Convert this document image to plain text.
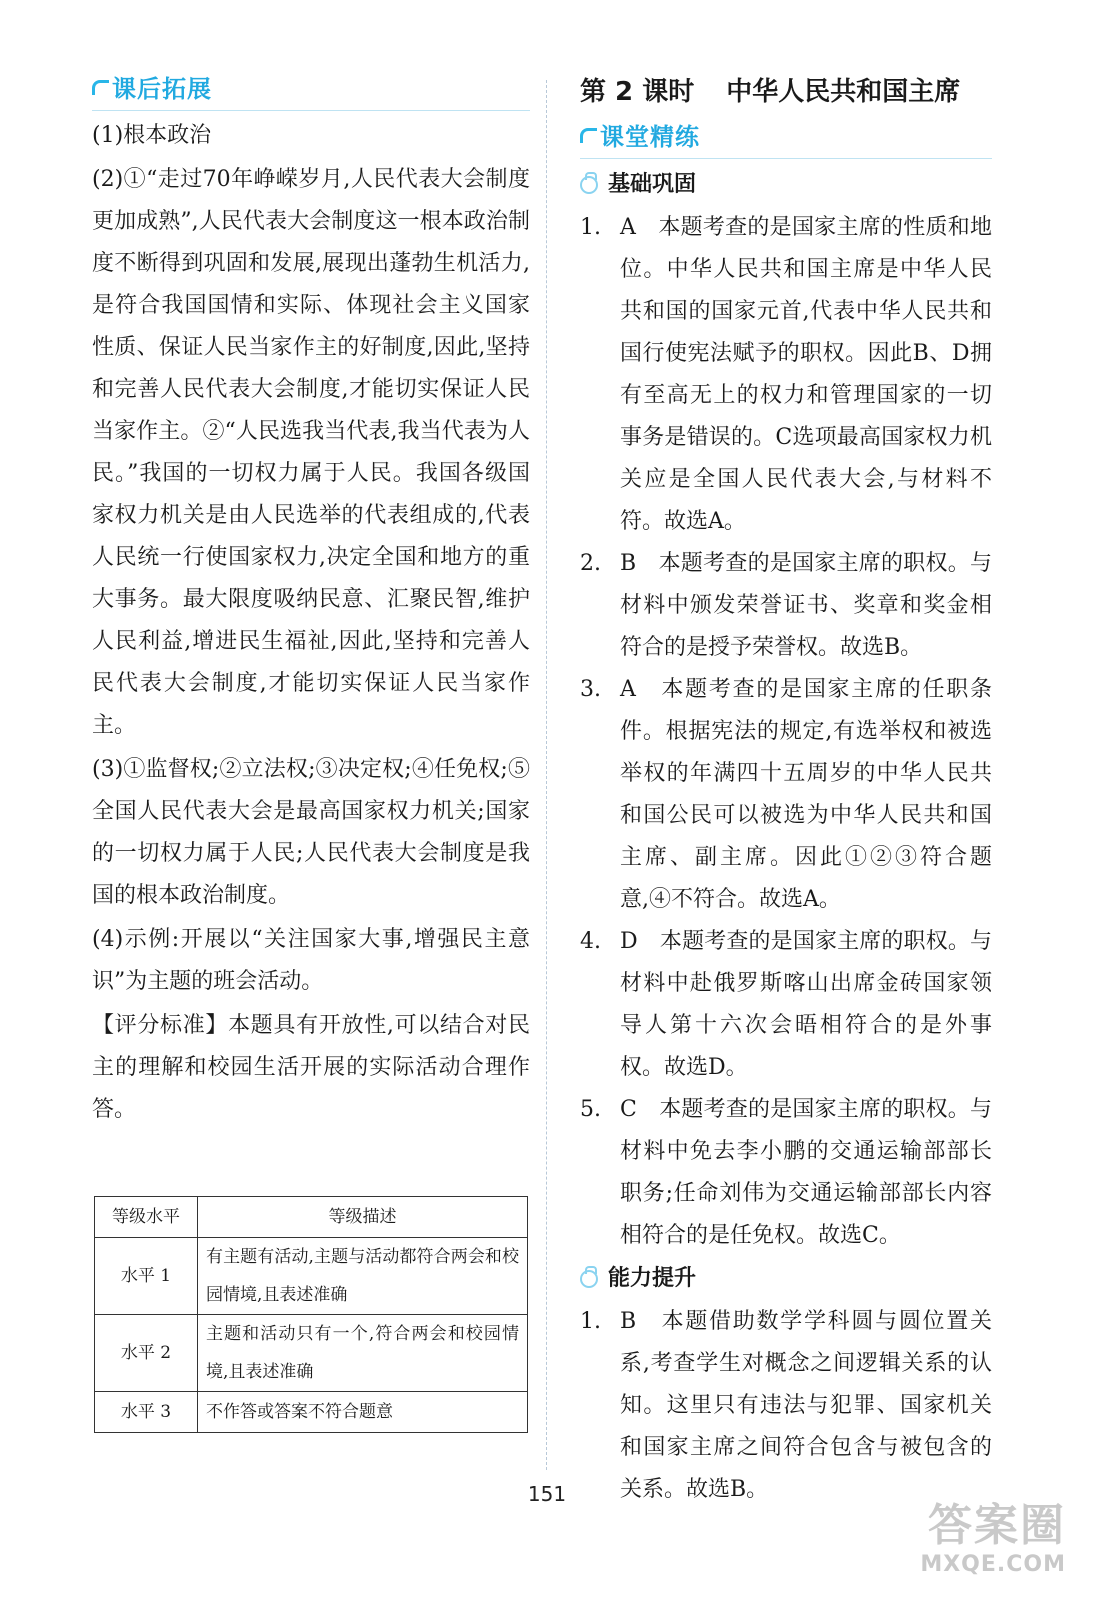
课后拓展

(1)根本政治

(2)①“走过70年峥嵘岁月,人民代表大会制度更加成熟”,人民代表大会制度这一根本政治制度不断得到巩固和发展,展现出蓬勃生机活力,是符合我国国情和实际、体现社会主义国家性质、保证人民当家作主的好制度,因此,坚持和完善人民代表大会制度,才能切实保证人民当家作主。②“人民选我当代表,我当代表为人民。”我国的一切权力属于人民。我国各级国家权力机关是由人民选举的代表组成的,代表人民统一行使国家权力,决定全国和地方的重大事务。最大限度吸纳民意、汇聚民智,维护人民利益,增进民生福祉,因此,坚持和完善人民代表大会制度,才能切实保证人民当家作主。

(3)①监督权;②立法权;③决定权;④任免权;⑤全国人民代表大会是最高国家权力机关;国家的一切权力属于人民;人民代表大会制度是我国的根本政治制度。

(4)示例:开展以“关注国家大事,增强民主意识”为主题的班会活动。

【评分标准】本题具有开放性,可以结合对民主的理解和校园生活开展的实际活动合理作答。

等级水平	等级描述
水平 1	有主题有活动,主题与活动都符合两会和校园情境,且表述准确
水平 2	主题和活动只有一个,符合两会和校园情境,且表述准确
水平 3	不作答或答案不符合题意
第 2 课时 中华人民共和国主席
课堂精练
基础巩固
1. A　本题考查的是国家主席的性质和地位。中华人民共和国主席是中华人民共和国的国家元首,代表中华人民共和国行使宪法赋予的职权。因此B、D拥有至高无上的权力和管理国家的一切事务是错误的。C选项最高国家权力机关应是全国人民代表大会,与材料不符。故选A。
2. B　本题考查的是国家主席的职权。与材料中颁发荣誉证书、奖章和奖金相符合的是授予荣誉权。故选B。
3. A　本题考查的是国家主席的任职条件。根据宪法的规定,有选举权和被选举权的年满四十五周岁的中华人民共和国公民可以被选为中华人民共和国主席、副主席。因此①②③符合题意,④不符合。故选A。
4. D　本题考查的是国家主席的职权。与材料中赴俄罗斯喀山出席金砖国家领导人第十六次会晤相符合的是外事权。故选D。
5. C　本题考查的是国家主席的职权。与材料中免去李小鹏的交通运输部部长职务;任命刘伟为交通运输部部长内容相符合的是任免权。故选C。
能力提升
1. B　本题借助数学学科圆与圆位置关系,考查学生对概念之间逻辑关系的认知。这里只有违法与犯罪、国家机关和国家主席之间符合包含与被包含的关系。故选B。
151
答案圈
MXQE.COM
